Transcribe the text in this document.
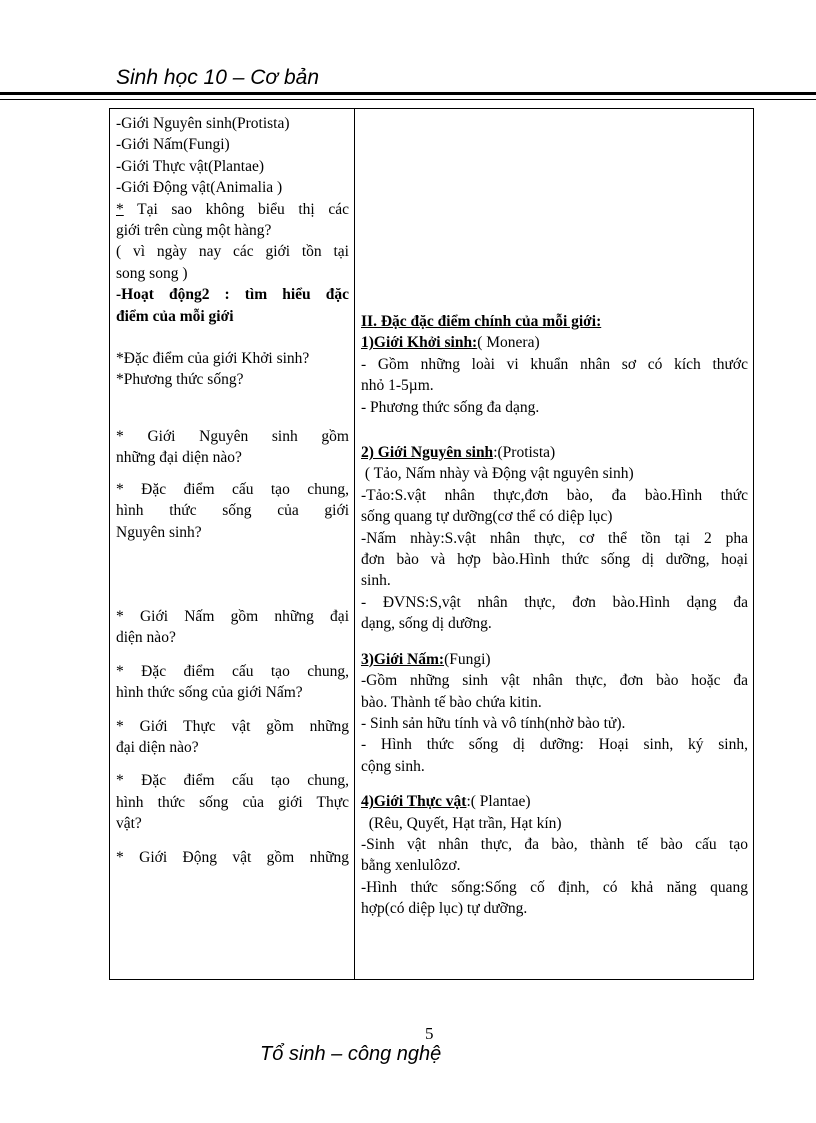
Sinh học 10 – Cơ bản
-Giới Nguyên sinh(Protista)
-Giới Nấm(Fungi)
-Giới Thực vật(Plantae)
-Giới Động vật(Animalia )
* Tại sao không biểu thị các
giới trên cùng một hàng?
( vì ngày nay các giới tồn tại
song song )
-Hoạt động2 : tìm hiểu đặc
điểm của mỗi giới
*Đặc điểm của giới Khởi sinh?
*Phương thức sống?
* Giới Nguyên sinh gồm
những đại diện nào?
* Đặc điểm cấu tạo chung,
hình thức sống của giới
Nguyên sinh?
* Giới Nấm gồm những đại
diện nào?
* Đặc điểm cấu tạo chung,
hình thức sống của giới Nấm?
* Giới Thực vật gồm những
đại diện nào?
* Đặc điểm cấu tạo chung,
hình thức sống của giới Thực
vật?
* Giới Động vật gồm những

II. Đặc đặc điểm chính của mỗi giới:
1)Giới Khởi sinh:( Monera)
- Gồm những loài vi khuẩn nhân sơ có kích thước
nhỏ 1-5µm.
- Phương thức sống đa dạng.
2) Giới Nguyên sinh:(Protista)
( Tảo, Nấm nhày và Động vật nguyên sinh)
-Tảo:S.vật nhân thực,đơn bào, đa bào.Hình thức
sống quang tự dưỡng(cơ thể có diệp lục)
-Nấm nhày:S.vật nhân thực, cơ thể tồn tại 2 pha
đơn bào và hợp bào.Hình thức sống dị dưỡng, hoại
sinh.
- ĐVNS:S,vật nhân thực, đơn bào.Hình dạng đa
dạng, sống dị dưỡng.
3)Giới Nấm:(Fungi)
-Gồm những sinh vật nhân thực, đơn bào hoặc đa
bào. Thành tế bào chứa kitin.
- Sinh sản hữu tính và vô tính(nhờ bào tử).
- Hình thức sống dị dưỡng: Hoại sinh, ký sinh,
cộng sinh.
4)Giới Thực vật:( Plantae)
(Rêu, Quyết, Hạt trần, Hạt kín)
-Sinh vật nhân thực, đa bào, thành tế bào cấu tạo
bằng xenlulôzơ.
-Hình thức sống:Sống cố định, có khả năng quang
hợp(có diệp lục) tự dưỡng.
5
Tổ sinh – công nghệ
